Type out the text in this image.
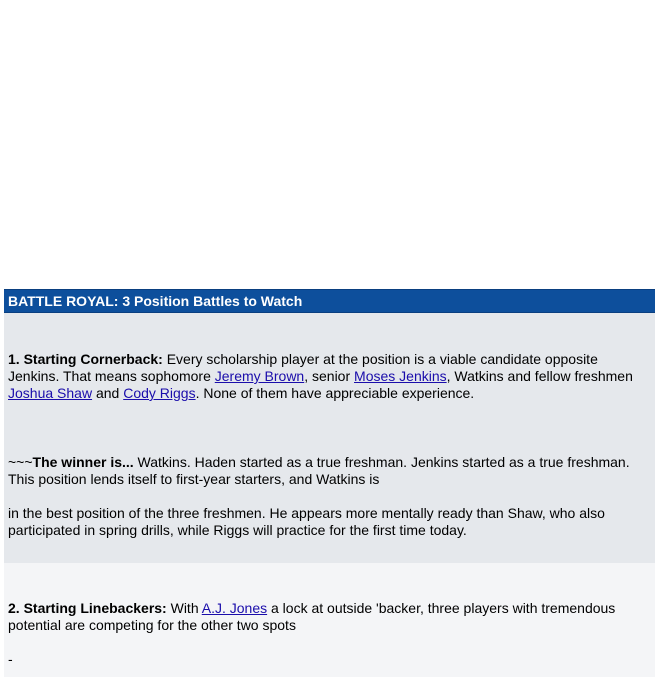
BATTLE ROYAL: 3 Position Battles to Watch

1. Starting Cornerback: Every scholarship player at the position is a viable candidate opposite Jenkins. That means sophomore Jeremy Brown, senior Moses Jenkins, Watkins and fellow freshmen Joshua Shaw and Cody Riggs. None of them have appreciable experience.

~~~The winner is... Watkins. Haden started as a true freshman. Jenkins started as a true freshman. This position lends itself to first-year starters, and Watkins is

in the best position of the three freshmen. He appears more mentally ready than Shaw, who also participated in spring drills, while Riggs will practice for the first time today.

2. Starting Linebackers: With A.J. Jones a lock at outside 'backer, three players with tremendous potential are competing for the other two spots

-
